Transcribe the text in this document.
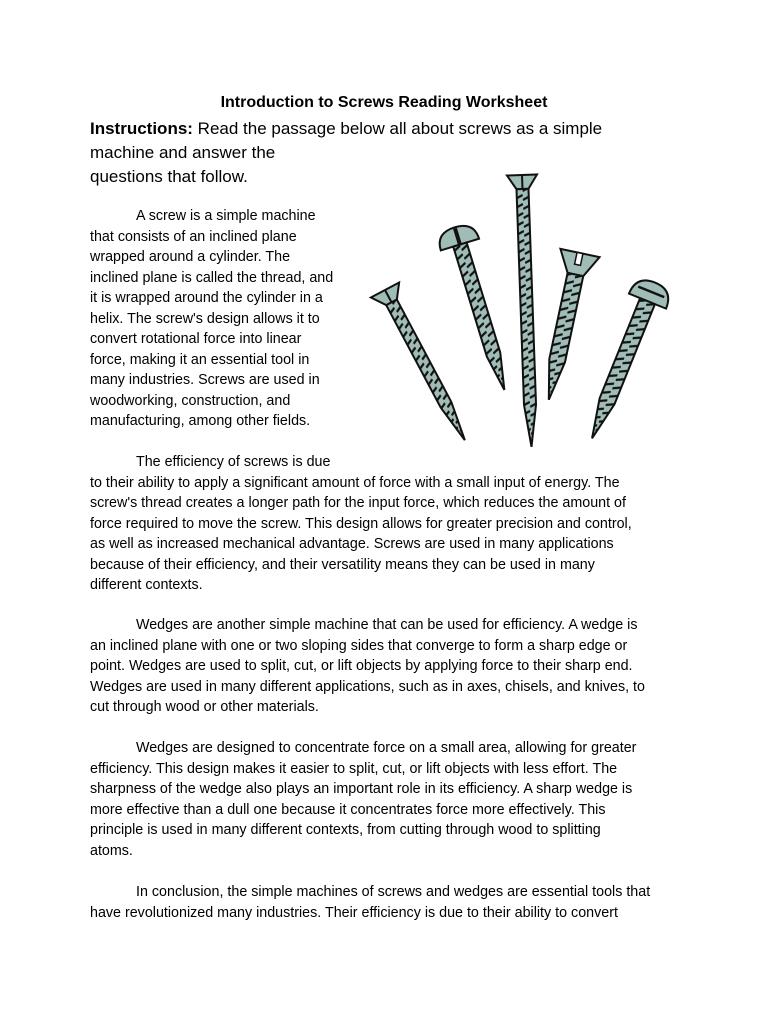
Introduction to Screws Reading Worksheet
Instructions: Read the passage below all about screws as a simple
machine and answer the
questions that follow.
A screw is a simple machine
that consists of an inclined plane
wrapped around a cylinder. The
inclined plane is called the thread, and
it is wrapped around the cylinder in a
helix. The screw's design allows it to
convert rotational force into linear
force, making it an essential tool in
many industries. Screws are used in
woodworking, construction, and
manufacturing, among other fields.
The efficiency of screws is due
to their ability to apply a significant amount of force with a small input of energy. The
screw's thread creates a longer path for the input force, which reduces the amount of
force required to move the screw. This design allows for greater precision and control,
as well as increased mechanical advantage. Screws are used in many applications
because of their efficiency, and their versatility means they can be used in many
different contexts.
Wedges are another simple machine that can be used for efficiency. A wedge is
an inclined plane with one or two sloping sides that converge to form a sharp edge or
point. Wedges are used to split, cut, or lift objects by applying force to their sharp end.
Wedges are used in many different applications, such as in axes, chisels, and knives, to
cut through wood or other materials.
Wedges are designed to concentrate force on a small area, allowing for greater
efficiency. This design makes it easier to split, cut, or lift objects with less effort. The
sharpness of the wedge also plays an important role in its efficiency. A sharp wedge is
more effective than a dull one because it concentrates force more effectively. This
principle is used in many different contexts, from cutting through wood to splitting
atoms.
In conclusion, the simple machines of screws and wedges are essential tools that
have revolutionized many industries. Their efficiency is due to their ability to convert
